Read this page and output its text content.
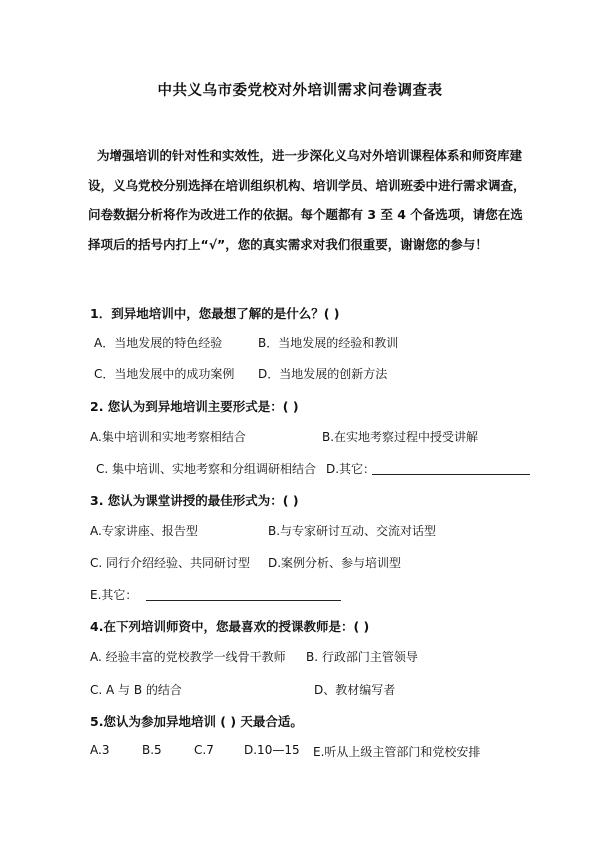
中共义乌市委党校对外培训需求问卷调查表

为增强培训的针对性和实效性，进一步深化义乌对外培训课程体系和师资库建设，义乌党校分别选择在培训组织机构、培训学员、培训班委中进行需求调查，问卷数据分析将作为改进工作的依据。每个题都有 3 至 4 个备选项，请您在选择项后的括号内打上“√”，您的真实需求对我们很重要，谢谢您的参与！

1．到异地培训中，您最想了解的是什么？( )
A．当地发展的特色经验	B．当地发展的经验和教训
C．当地发展中的成功案例 D．当地发展的创新方法
2. 您认为到异地培训主要形式是：( )
A.集中培训和实地考察相结合	B.在实地考察过程中授受讲解
C. 集中培训、实地考察和分组调研相结合 D.其它：
3. 您认为课堂讲授的最佳形式为：( )
A.专家讲座、报告型	B.与专家研讨互动、交流对话型
C. 同行介绍经验、共同研讨型 D.案例分析、参与培训型
E.其它：
4.在下列培训师资中，您最喜欢的授课教师是：( )
A. 经验丰富的党校教学一线骨干教师 B. 行政部门主管领导
C. A 与 B 的结合	D、教材编写者
5.您认为参加异地培训 ( ) 天最合适。
A.3	B.5	C.7	D.10—15 E.听从上级主管部门和党校安排
